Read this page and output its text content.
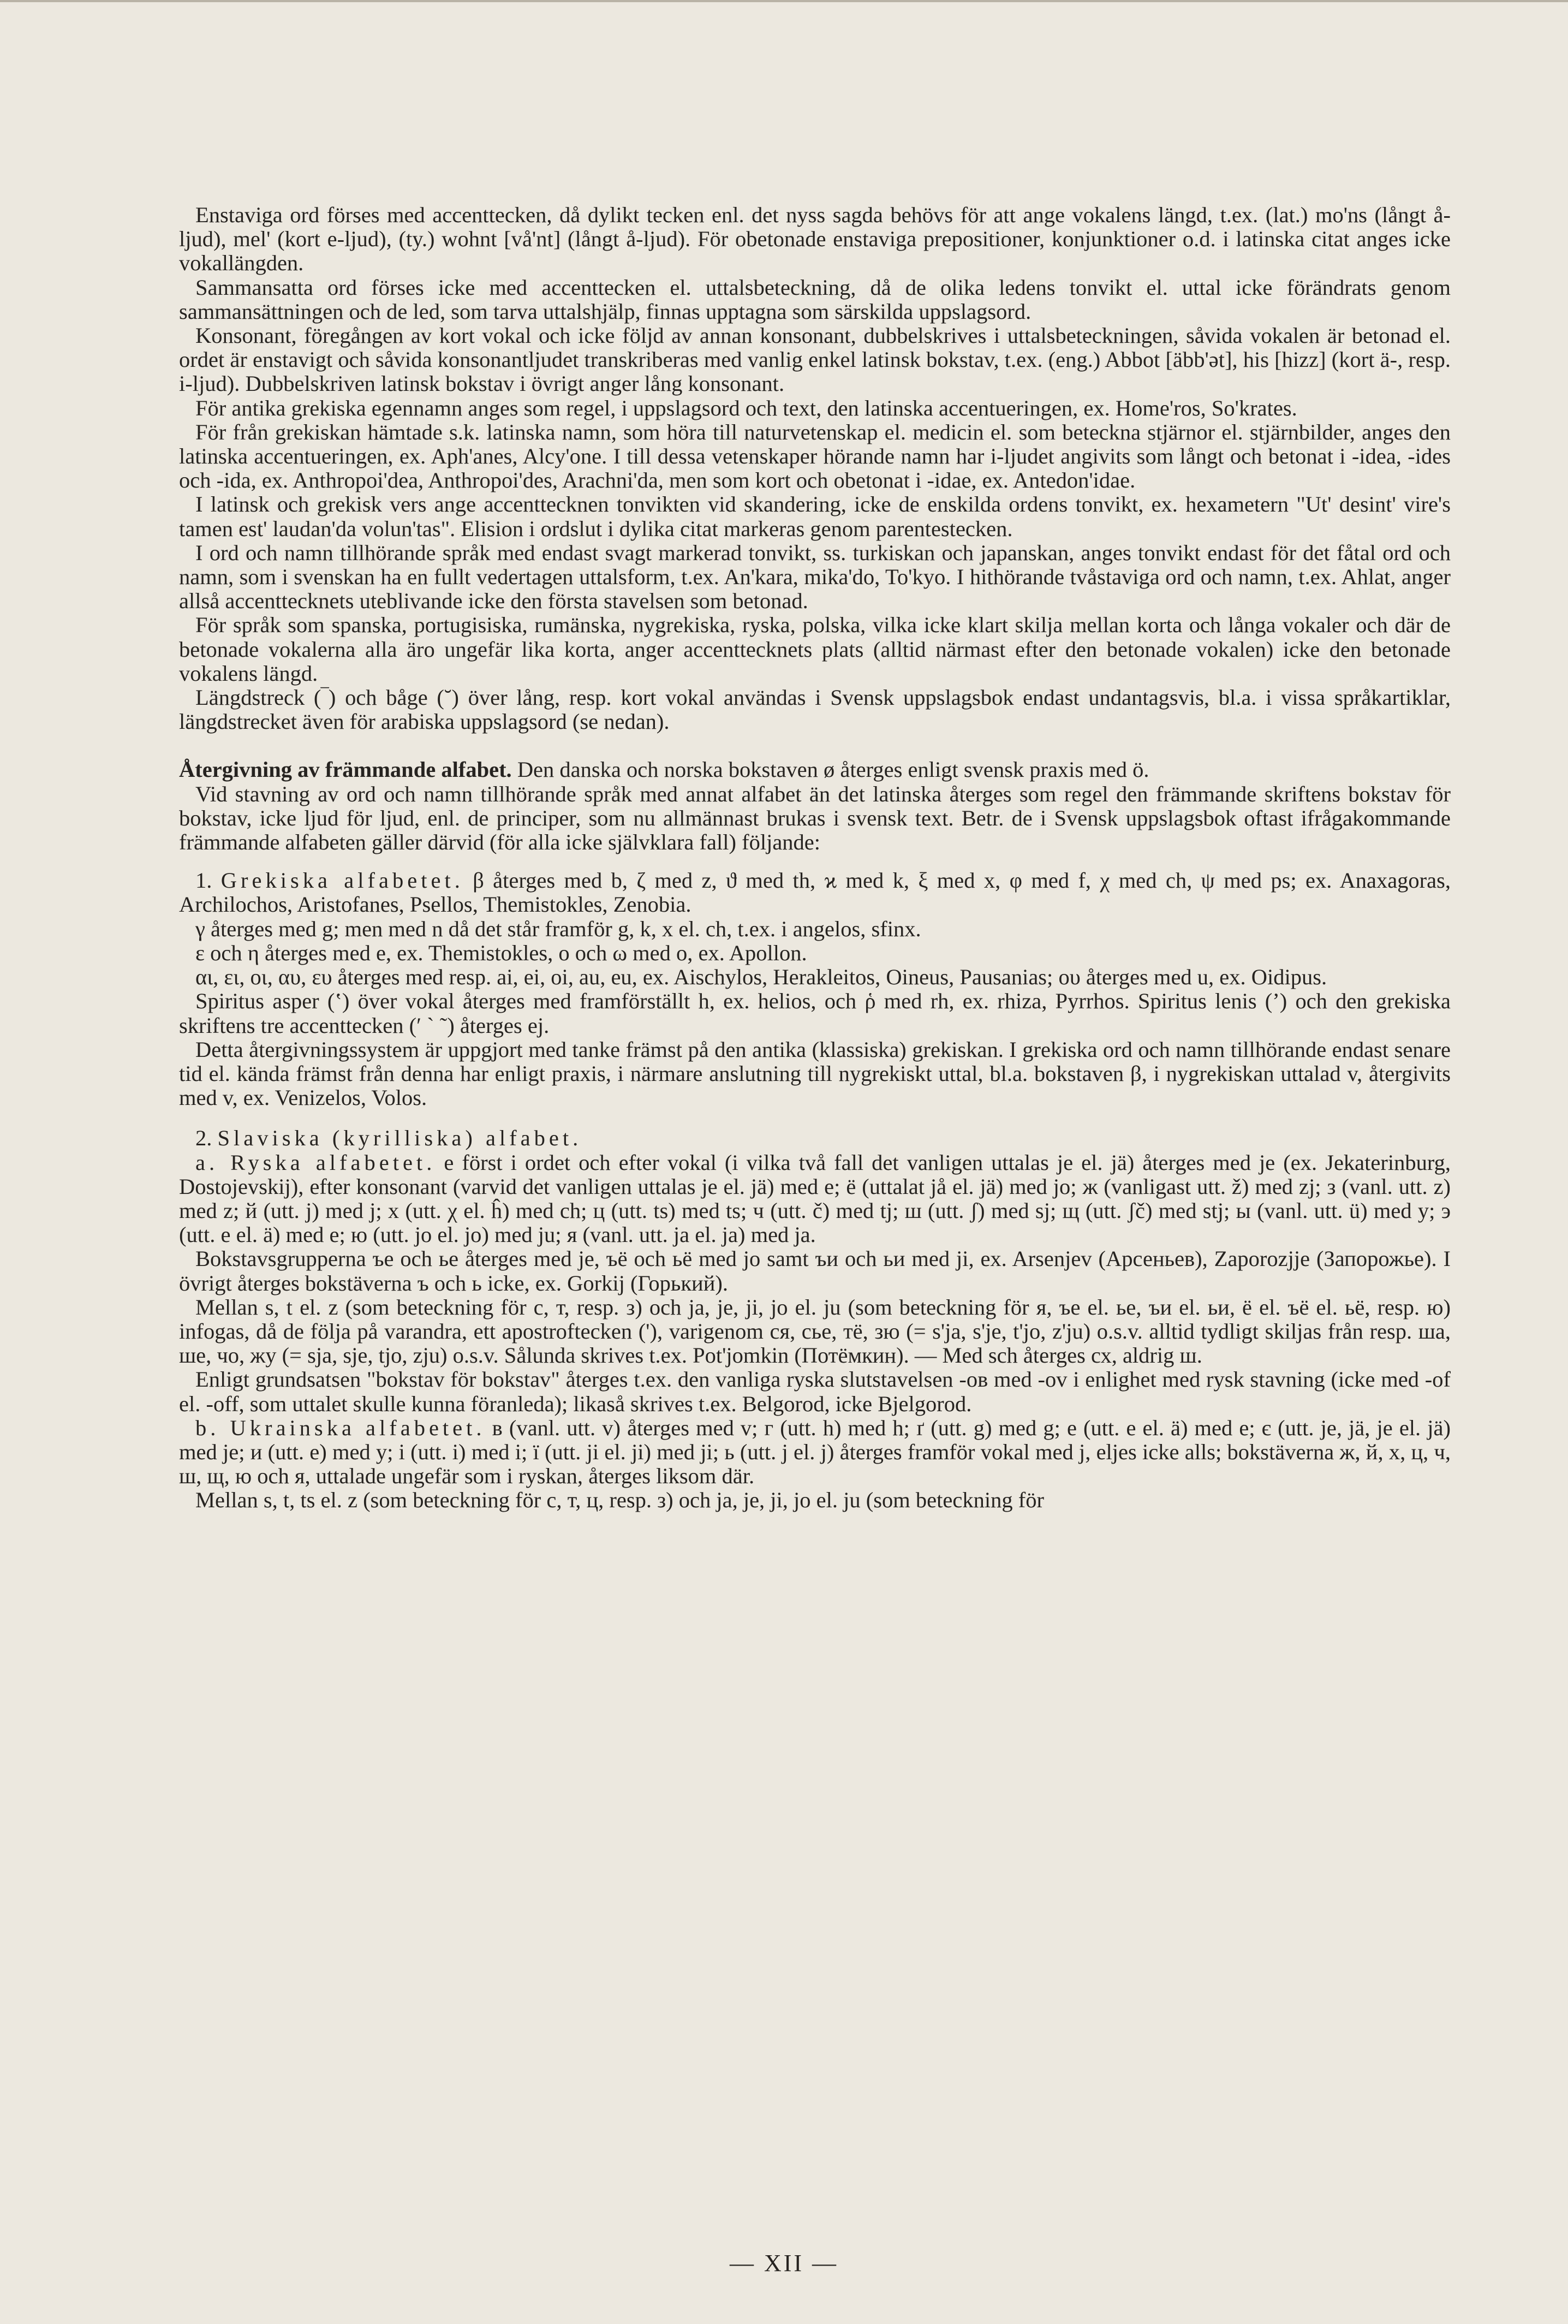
Enstaviga ord förses med accenttecken, då dylikt tecken enl. det nyss sagda behövs för att ange vokalens längd, t.ex. (lat.) mo'ns (långt å-ljud), mel' (kort e-ljud), (ty.) wohnt [vå'nt] (långt å-ljud). För obetonade enstaviga prepositioner, konjunktioner o.d. i latinska citat anges icke vokallängden.

Sammansatta ord förses icke med accenttecken el. uttalsbeteckning, då de olika ledens tonvikt el. uttal icke förändrats genom sammansättningen och de led, som tarva uttalshjälp, finnas upptagna som särskilda uppslagsord.

Konsonant, föregången av kort vokal och icke följd av annan konsonant, dubbelskrives i uttalsbeteckningen, såvida vokalen är betonad el. ordet är enstavigt och såvida konsonantljudet transkriberas med vanlig enkel latinsk bokstav, t.ex. (eng.) Abbot [äbb'ət], his [hizz] (kort ä-, resp. i-ljud). Dubbelskriven latinsk bokstav i övrigt anger lång konsonant.

För antika grekiska egennamn anges som regel, i uppslagsord och text, den latinska accentueringen, ex. Home'ros, So'krates.

För från grekiskan hämtade s.k. latinska namn, som höra till naturvetenskap el. medicin el. som beteckna stjärnor el. stjärnbilder, anges den latinska accentueringen, ex. Aph'anes, Alcy'one. I till dessa vetenskaper hörande namn har i-ljudet angivits som långt och betonat i -idea, -ides och -ida, ex. Anthropoi'dea, Anthropoi'des, Arachni'da, men som kort och obetonat i -idae, ex. Antedon'idae.

I latinsk och grekisk vers ange accenttecknen tonvikten vid skandering, icke de enskilda ordens tonvikt, ex. hexametern "Ut' desint' vire's tamen est' laudan'da volun'tas". Elision i ordslut i dylika citat markeras genom parentestecken.

I ord och namn tillhörande språk med endast svagt markerad tonvikt, ss. turkiskan och japanskan, anges tonvikt endast för det fåtal ord och namn, som i svenskan ha en fullt vedertagen uttalsform, t.ex. An'kara, mika'do, To'kyo. I hithörande tvåstaviga ord och namn, t.ex. Ahlat, anger allså accenttecknets uteblivande icke den första stavelsen som betonad.

För språk som spanska, portugisiska, rumänska, nygrekiska, ryska, polska, vilka icke klart skilja mellan korta och långa vokaler och där de betonade vokalerna alla äro ungefär lika korta, anger accenttecknets plats (alltid närmast efter den betonade vokalen) icke den betonade vokalens längd.

Längdstreck (‾) och båge (˘) över lång, resp. kort vokal användas i Svensk uppslagsbok endast undantagsvis, bl.a. i vissa språkartiklar, längdstrecket även för arabiska uppslagsord (se nedan).

Återgivning av främmande alfabet. Den danska och norska bokstaven ø återges enligt svensk praxis med ö.

Vid stavning av ord och namn tillhörande språk med annat alfabet än det latinska återges som regel den främmande skriftens bokstav för bokstav, icke ljud för ljud, enl. de principer, som nu allmännast brukas i svensk text. Betr. de i Svensk uppslagsbok oftast ifrågakommande främmande alfabeten gäller därvid (för alla icke självklara fall) följande:

1. Grekiska alfabetet. β återges med b, ζ med z, ϑ med th, ϰ med k, ξ med x, φ med f, χ med ch, ψ med ps; ex. Anaxagoras, Archilochos, Aristofanes, Psellos, Themistokles, Zenobia.

γ återges med g; men med n då det står framför g, k, x el. ch, t.ex. i angelos, sfinx.

ε och η återges med e, ex. Themistokles, ο och ω med o, ex. Apollon.

αι, ει, οι, αυ, ευ återges med resp. ai, ei, oi, au, eu, ex. Aischylos, Herakleitos, Oineus, Pausanias; ου återges med u, ex. Oidipus.

Spiritus asper (ʽ) över vokal återges med framförställt h, ex. helios, och ῥ med rh, ex. rhiza, Pyrrhos. Spiritus lenis (ʼ) och den grekiska skriftens tre accenttecken (ʹ ˋ ˜) återges ej.

Detta återgivningssystem är uppgjort med tanke främst på den antika (klassiska) grekiskan. I grekiska ord och namn tillhörande endast senare tid el. kända främst från denna har enligt praxis, i närmare anslutning till nygrekiskt uttal, bl.a. bokstaven β, i nygrekiskan uttalad v, återgivits med v, ex. Venizelos, Volos.

2. Slaviska (kyrilliska) alfabet.

a. Ryska alfabetet. е först i ordet och efter vokal (i vilka två fall det vanligen uttalas je el. jä) återges med je (ex. Jekaterinburg, Dostojevskij), efter konsonant (varvid det vanligen uttalas je el. jä) med e; ё (uttalat jå el. jä) med jo; ж (vanligast utt. ž) med zj; з (vanl. utt. z) med z; й (utt. j) med j; х (utt. χ el. ĥ) med ch; ц (utt. ts) med ts; ч (utt. č) med tj; ш (utt. ʃ) med sj; щ (utt. ʃč) med stj; ы (vanl. utt. ü) med y; э (utt. e el. ä) med e; ю (utt. jo el. jo) med ju; я (vanl. utt. ja el. ja) med ja.

Bokstavsgrupperna ъе och ье återges med je, ъё och ьё med jo samt ъи och ьи med ji, ex. Arsenjev (Арсеньев), Zaporozjje (Запорожье). I övrigt återges bokstäverna ъ och ь icke, ex. Gorkij (Горький).

Mellan s, t el. z (som beteckning för с, т, resp. з) och ja, je, ji, jo el. ju (som beteckning för я, ъе el. ье, ъи el. ьи, ё el. ъё el. ьё, resp. ю) infogas, då de följa på varandra, ett apostroftecken ('), varigenom ся, сье, тё, зю (= s'ja, s'je, t'jo, z'ju) o.s.v. alltid tydligt skiljas från resp. ша, ше, чо, жу (= sja, sje, tjo, zju) o.s.v. Sålunda skrives t.ex. Pot'jomkin (Потёмкин). — Med sch återges сх, aldrig ш.

Enligt grundsatsen "bokstav för bokstav" återges t.ex. den vanliga ryska slutstavelsen -ов med -ov i enlighet med rysk stavning (icke med -of el. -off, som uttalet skulle kunna föranleda); likaså skrives t.ex. Belgorod, icke Bjelgorod.

b. Ukrainska alfabetet. в (vanl. utt. v) återges med v; г (utt. h) med h; ґ (utt. g) med g; е (utt. e el. ä) med e; є (utt. je, jä, je el. jä) med je; и (utt. e) med y; і (utt. i) med i; ї (utt. ji el. ji) med ji; ь (utt. j el. j) återges framför vokal med j, eljes icke alls; bokstäverna ж, й, х, ц, ч, ш, щ, ю och я, uttalade ungefär som i ryskan, återges liksom där.

Mellan s, t, ts el. z (som beteckning för с, т, ц, resp. з) och ja, je, ji, jo el. ju (som beteckning för

— XII —
